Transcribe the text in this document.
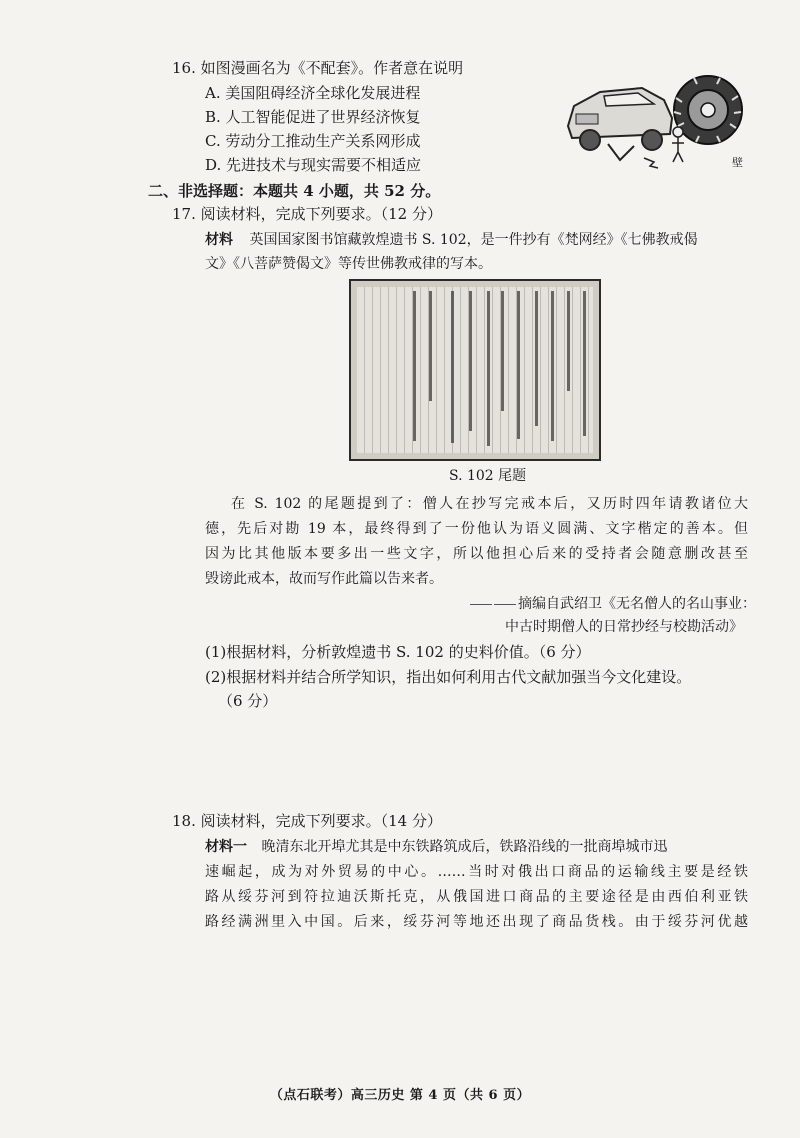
16. 如图漫画名为《不配套》。作者意在说明
A. 美国阻碍经济全球化发展进程
B. 人工智能促进了世界经济恢复
C. 劳动分工推动生产关系网形成
D. 先进技术与现实需要不相适应	壁
二、非选择题：本题共 4 小题，共 52 分。
17. 阅读材料，完成下列要求。（12 分）
材料 英国国家图书馆藏敦煌遗书 S. 102，是一件抄有《梵网经》《七佛教戒偈
文》《八菩萨赞偈文》等传世佛教戒律的写本。
S. 102 尾题
在 S. 102 的尾题提到了：僧人在抄写完戒本后，又历时四年请教诸位大
德，先后对勘 19 本，最终得到了一份他认为语义圆满、文字楷定的善本。但
因为比其他版本要多出一些文字，所以他担心后来的受持者会随意删改甚至
毁谤此戒本，故而写作此篇以告来者。
摘编自武绍卫《无名僧人的名山事业：
中古时期僧人的日常抄经与校勘活动》
(1)根据材料，分析敦煌遗书 S. 102 的史料价值。（6 分）
(2)根据材料并结合所学知识，指出如何利用古代文献加强当今文化建设。
（6 分）
18. 阅读材料，完成下列要求。（14 分）
材料一 晚清东北开埠尤其是中东铁路筑成后，铁路沿线的一批商埠城市迅
速崛起，成为对外贸易的中心。……当时对俄出口商品的运输线主要是经铁
路从绥芬河到符拉迪沃斯托克，从俄国进口商品的主要途径是由西伯利亚铁
路经满洲里入中国。后来，绥芬河等地还出现了商品货栈。由于绥芬河优越
（点石联考）高三历史 第 4 页（共 6 页）
